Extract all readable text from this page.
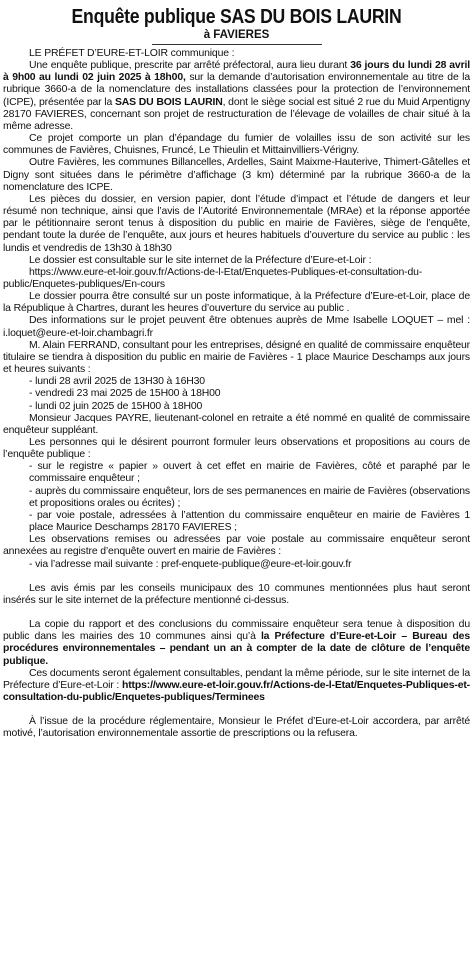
Enquête publique SAS DU BOIS LAURIN
à FAVIERES

LE PRÉFET D’EURE-ET-LOIR communique :

Une enquête publique, prescrite par arrêté préfectoral, aura lieu durant 36 jours du lundi 28 avril à 9h00 au lundi 02 juin 2025 à 18h00, sur la demande d’autorisation environnementale au titre de la rubrique 3660-a de la nomenclature des installations classées pour la protection de l’environnement (ICPE), présentée par la SAS DU BOIS LAURIN, dont le siège social est situé 2 rue du Muid Arpentigny 28170 FAVIERES, concernant son projet de restructuration de l’élevage de volailles de chair situé à la même adresse.

Ce projet comporte un plan d’épandage du fumier de volailles issu de son activité sur les communes de Favières, Chuisnes, Fruncé, Le Thieulin et Mittainvilliers-Vérigny.

Outre Favières, les communes Billancelles, Ardelles, Saint Maixme-Hauterive, Thimert-Gâtelles et Digny sont situées dans le périmètre d’affichage (3 km) déterminé par la rubrique 3660-a de la nomenclature des ICPE.

Les pièces du dossier, en version papier, dont l’étude d’impact et l’étude de dangers et leur résumé non technique, ainsi que l’avis de l’Autorité Environnementale (MRAe) et la réponse apportée par le pétitionnaire seront tenus à disposition du public en mairie de Favières, siège de l’enquête, pendant toute la durée de l’enquête, aux jours et heures habituels d’ouverture du service au public : les lundis et vendredis de 13h30 à 18h30

Le dossier est consultable sur le site internet de la Préfecture d’Eure-et-Loir :

https://www.eure-et-loir.gouv.fr/Actions-de-l-Etat/Enquetes-Publiques-et-consultation-du-public/Enquetes-publiques/En-cours

Le dossier pourra être consulté sur un poste informatique, à la Préfecture d’Eure-et-Loir, place de la République à Chartres, durant les heures d’ouverture du service au public .

Des informations sur le projet peuvent être obtenues auprès de Mme Isabelle LOQUET – mel : i.loquet@eure-et-loir.chambagri.fr

M. Alain FERRAND, consultant pour les entreprises, désigné en qualité de commissaire enquêteur titulaire se tiendra à disposition du public en mairie de Favières - 1 place Maurice Deschamps aux jours et heures suivants :

- lundi 28 avril 2025 de 13H30 à 16H30

- vendredi 23 mai 2025 de 15H00 à 18H00

- lundi 02 juin 2025 de 15H00 à 18H00

Monsieur Jacques PAYRE, lieutenant-colonel en retraite a été nommé en qualité de commissaire enquêteur suppléant.

Les personnes qui le désirent pourront formuler leurs observations et propositions au cours de l’enquête publique :

- sur le registre « papier » ouvert à cet effet en mairie de Favières, côté et paraphé par le commissaire enquêteur ;

- auprès du commissaire enquêteur, lors de ses permanences en mairie de Favières (observations et propositions orales ou écrites) ;

- par voie postale, adressées à l’attention du commissaire enquêteur en mairie de Favières 1 place Maurice Deschamps 28170 FAVIERES ;

Les observations remises ou adressées par voie postale au commissaire enquêteur seront annexées au registre d’enquête ouvert en mairie de Favières :

- via l’adresse mail suivante : pref-enquete-publique@eure-et-loir.gouv.fr

Les avis émis par les conseils municipaux des 10 communes mentionnées plus haut seront insérés sur le site internet de la préfecture mentionné ci-dessus.

La copie du rapport et des conclusions du commissaire enquêteur sera tenue à disposition du public dans les mairies des 10 communes ainsi qu’à la Préfecture d’Eure-et-Loir – Bureau des procédures environnementales – pendant un an à compter de la date de clôture de l’enquête publique.

Ces documents seront également consultables, pendant la même période, sur le site internet de la Préfecture d’Eure-et-Loir : https://www.eure-et-loir.gouv.fr/Actions-de-l-Etat/Enquetes-Publiques-et-consultation-du-public/Enquetes-publiques/Terminees

À l’issue de la procédure réglementaire, Monsieur le Préfet d’Eure-et-Loir accordera, par arrêté motivé, l’autorisation environnementale assortie de prescriptions ou la refusera.
